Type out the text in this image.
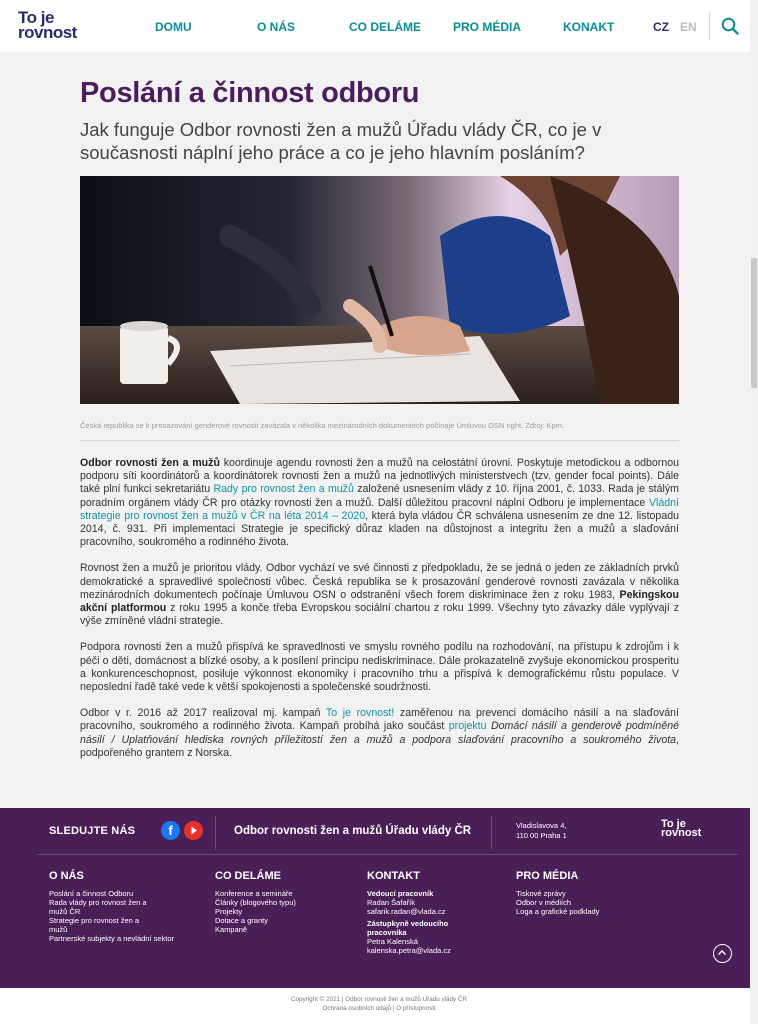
To je
rovnost	DOMU	O NÁS	CO DELÁME	PRO MÉDIA	KONAKT	CZ EN
Poslání a činnost odboru

Jak funguje Odbor rovnosti žen a mužů Úřadu vlády ČR, co je v současnosti náplní jeho práce a co je jeho hlavním posláním?

Česká republika se k prosazování genderové rovnosti zavázala v několika mezinárodních dokumentech počínaje Úmluvou OSN right. Zdroj: Kpm.

Odbor rovnosti žen a mužů koordinuje agendu rovnosti žen a mužů na celostátní úrovni. Poskytuje metodickou a odbornou podporu síti koordinátorů a koordinátorek rovnosti žen a mužů na jednotlivých ministerstvech (tzv. gender focal points). Dále také plní funkci sekretariátu Rady pro rovnost žen a mužů založené usnesením vlády z 10. října 2001, č. 1033. Rada je stálým poradním orgánem vlády ČR pro otázky rovnosti žen a mužů. Další důležitou pracovní náplní Odboru je implementace Vládní strategie pro rovnost žen a mužů v ČR na léta 2014 – 2020, která byla vládou ČR schválena usnesením ze dne 12. listopadu 2014, č. 931. Při implementaci Strategie je specifický důraz kladen na důstojnost a integritu žen a mužů a slaďování pracovního, soukromého a rodinného života.

Rovnost žen a mužů je prioritou vlády. Odbor vychází ve své činnosti z předpokladu, že se jedná o jeden ze základních prvků demokratické a spravedlivé společnosti vůbec. Česká republika se k prosazování genderové rovnosti zavázala v několika mezinárodních dokumentech počínaje Úmluvou OSN o odstranění všech forem diskriminace žen z roku 1983, Pekingskou akční platformou z roku 1995 a konče třeba Evropskou sociální chartou z roku 1999. Všechny tyto závazky dále vyplývají z výše zmíněné vládní strategie.

Podpora rovnosti žen a mužů přispívá ke spravedlnosti ve smyslu rovného podílu na rozhodování, na přístupu k zdrojům i k péči o děti, domácnost a blízké osoby, a k posílení principu nediskriminace. Dále prokazatelně zvyšuje ekonomickou prosperitu a konkurenceschopnost, posiluje výkonnost ekonomiky i pracovního trhu a přispívá k demografickému růstu populace. V neposlední řadě také vede k větší spokojenosti a společenské soudržnosti.

Odbor v r. 2016 až 2017 realizoval mj. kampaň To je rovnost! zaměřenou na prevenci domácího násilí a na slaďování pracovního, soukromého a rodinného života. Kampaň probíhá jako součást projektu Domácí násilí a genderově podmíněné násilí / Uplatňování hlediska rovných příležitostí žen a mužů a podpora slaďování pracovního a soukromého života, podpořeného grantem z Norska.

SLEDUJTE NÁS	f	Odbor rovnosti žen a mužů Úřadu vlády ČR	Vladislavova 4,
110 00 Praha 1
To je
rovnost
O NÁS
Poslání a činnost Odboru
Rada vlády pro rovnost žen a mužů ČR
Strategie pro rovnost žen a mužů
Partnerské subjekty a nevládní sektor
CO DELÁME
Konference a semináře
Články (blogového typu)
Projekty
Dotace a granty
Kampaně
KONTAKT
Vedoucí pracovník
Radan Šafařík
safarik.radan@vlada.cz
Zástupkyně vedoucího pracovníka
Petra Kalenská
kalenska.petra@vlada.cz
PRO MÉDIA
Tiskové zprávy
Odbor v médiích
Loga a grafické podklady
Copyright © 2021 | Odbor rovnosti žen a mužů Úřadu vlády ČR
Ochrana osobních údajů | O přístupnosti
